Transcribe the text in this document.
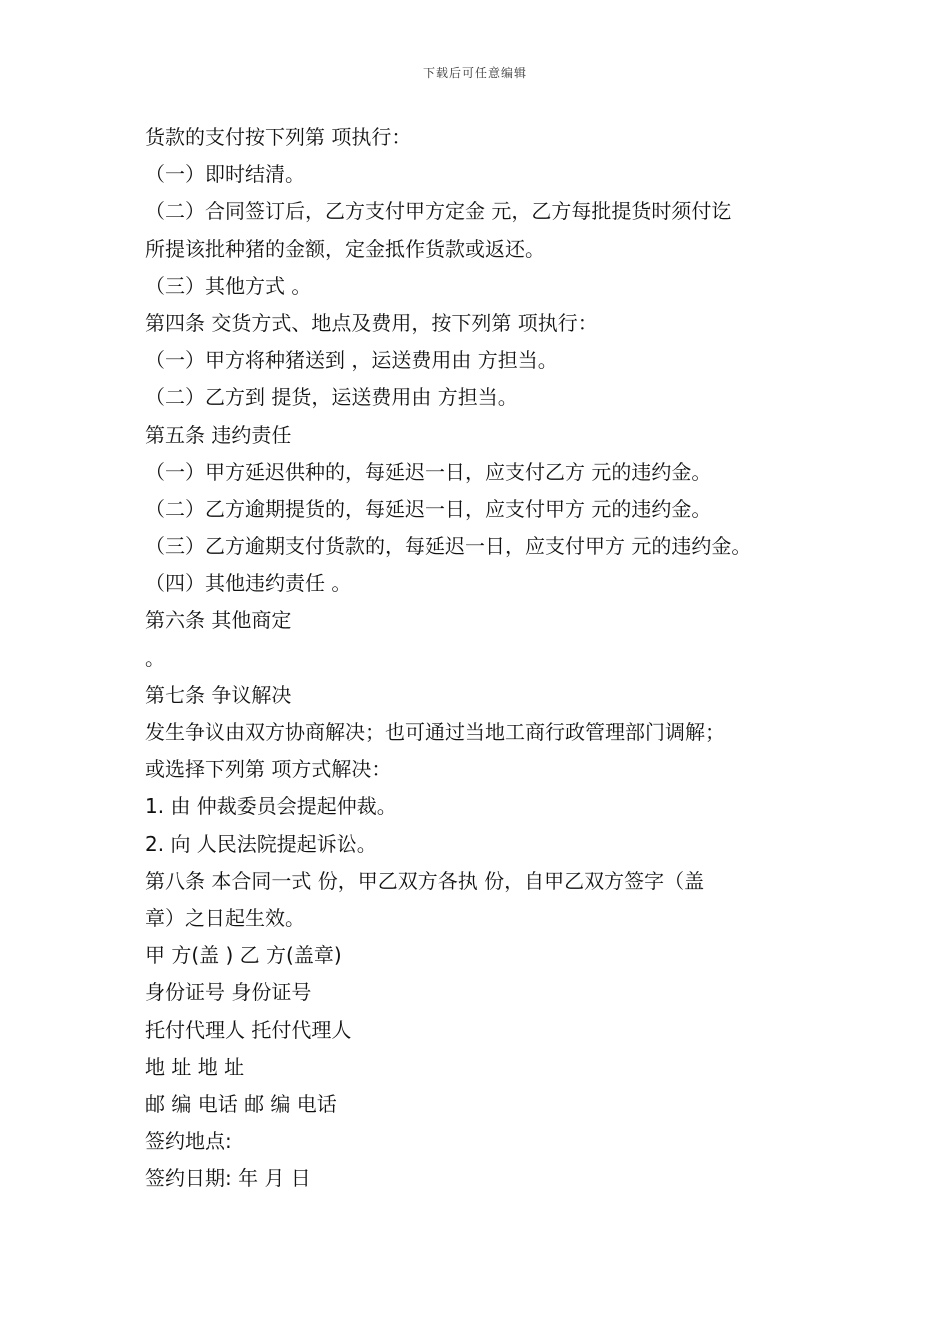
下载后可任意编辑
货款的支付按下列第 项执行：
（一）即时结清。
（二）合同签订后，乙方支付甲方定金 元，乙方每批提货时须付讫
所提该批种猪的金额，定金抵作货款或返还。
（三）其他方式 。
第四条 交货方式、地点及费用，按下列第 项执行：
（一）甲方将种猪送到 ，运送费用由 方担当。
（二）乙方到 提货，运送费用由 方担当。
第五条 违约责任
（一）甲方延迟供种的，每延迟一日，应支付乙方 元的违约金。
（二）乙方逾期提货的，每延迟一日，应支付甲方 元的违约金。
（三）乙方逾期支付货款的，每延迟一日，应支付甲方 元的违约金。
（四）其他违约责任 。
第六条 其他商定
。
第七条 争议解决
发生争议由双方协商解决；也可通过当地工商行政管理部门调解；
或选择下列第 项方式解决：
1. 由 仲裁委员会提起仲裁。
2. 向 人民法院提起诉讼。
第八条 本合同一式 份，甲乙双方各执 份，自甲乙双方签字（盖
章）之日起生效。
甲 方(盖 ) 乙 方(盖章)
身份证号 身份证号
托付代理人 托付代理人
地 址 地 址
邮 编 电话 邮 编 电话
签约地点:
签约日期: 年 月 日
